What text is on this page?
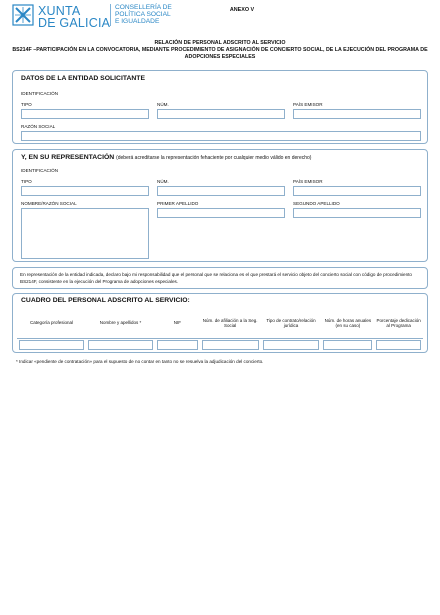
XUNTA
DE GALICIA
CONSELLERÍA DE
POLÍTICA SOCIAL
E IGUALDADE
ANEXO V
RELACIÓN DE PERSONAL ADSCRITO AL SERVICIO
BS214F –PARTICIPACIÓN EN LA CONVOCATORIA, MEDIANTE PROCEDIMIENTO DE ASIGNACIÓN DE CONCIERTO SOCIAL, DE LA EJECUCIÓN DEL PROGRAMA DE ADOPCIONES ESPECIALES
DATOS DE LA ENTIDAD SOLICITANTE
IDENTIFICACIÓN
TIPO	NÚM.	PAÍS EMISOR
RAZÓN SOCIAL
Y, EN SU REPRESENTACIÓN (deberá acreditarse la representación fehaciente por cualquier medio válido en derecho)
IDENTIFICACIÓN
TIPO	NÚM.	PAÍS EMISOR
NOMBRE/RAZÓN SOCIAL	PRIMER APELLIDO	SEGUNDO APELLIDO
En representación de la entidad indicada, declaro bajo mi responsabilidad que el personal que se relaciona es el que prestará el servicio objeto del concierto social con código de procedimiento BS214F, consistente en la ejecución del Programa de adopciones especiales.
CUADRO DEL PERSONAL ADSCRITO AL SERVICIO:
Categoría profesional	Nombre y apellidos *	NIF	Núm. de afiliación a la Seg. Social	Tipo de contrato/relación jurídica	Núm. de horas anuales (en su caso)	Porcentaje dedicación al Programa

* Indicar «pendiente de contratación» para el supuesto de no contar en tanto no se resuelva la adjudicación del concierto.
